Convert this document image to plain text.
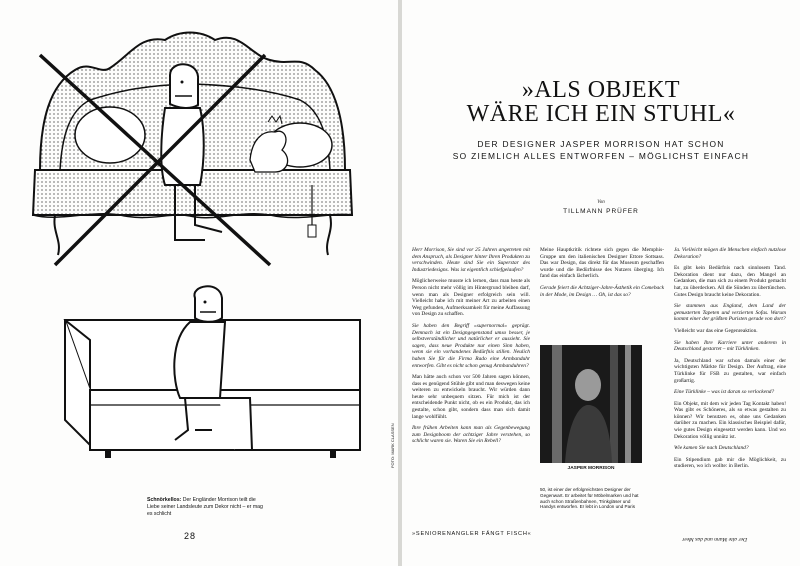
Schnörkellos: Der Engländer Morrison teilt die Liebe seiner Landsleute zum Dekor nicht – er mag es schlicht
28
FOTO: MARK CLASSEN
»ALS OBJEKT
WÄRE ICH EIN STUHL«
DER DESIGNER JASPER MORRISON HAT SCHON
SO ZIEMLICH ALLES ENTWORFEN – MÖGLICHST EINFACH
Von
TILLMANN PRÜFER

Herr Morrison, Sie sind vor 25 Jahren angetreten mit dem Anspruch, als Designer hinter Ihren Produkten zu verschwinden. Heute sind Sie ein Superstar des Industriedesigns. Was ist eigentlich schiefgelaufen?

Möglicherweise musste ich lernen, dass man heute als Person nicht mehr völlig im Hintergrund bleiben darf, wenn man als Designer erfolgreich sein will. Vielleicht habe ich mit meiner Art zu arbeiten einen Weg gefunden, Aufmerksamkeit für meine Auffassung von Design zu schaffen.

Sie haben den Begriff »supernormal« geprägt. Demnach ist ein Designgegenstand umso besser, je selbstverständlicher und natürlicher er aussieht. Sie sagen, dass neue Produkte nur einen Sinn haben, wenn sie ein vorhandenes Bedürfnis stillen. Neulich haben Sie für die Firma Rado eine Armbanduhr entworfen. Gibt es nicht schon genug Armbanduhren?

Man hätte auch schon vor 500 Jahren sagen können, dass es genügend Stühle gibt und man deswegen keine weiteren zu entwickeln braucht. Wir würden dann heute sehr unbequem sitzen. Für mich ist der entscheidende Punkt nicht, ob es ein Produkt, das ich gestalte, schon gibt, sondern dass man sich damit lange wohlfühlt.

Ihre frühen Arbeiten kann man als Gegenbewegung zum Designboom der achtziger Jahre verstehen, so schlicht waren sie. Waren Sie ein Rebell?

Meine Hauptkritik richtete sich gegen die Memphis-Gruppe um den italienischen Designer Ettore Sottsass. Das war Design, das direkt für das Museum geschaffen wurde und die Bedürfnisse des Nutzers überging. Ich fand das einfach lächerlich.

Gerade feiert die Achtziger-Jahre-Ästhetik ein Comeback in der Mode, im Design … Oh, ist das so?

JASPER MORRISON
50, ist einer der erfolgreichsten Designer der Gegenwart. Er arbeitet für Möbelmarken und hat auch schon Straßenbahnen, Trinkgläser und Handys entworfen. Er lebt in London und Paris

Ja. Vielleicht mögen die Menschen einfach nutzlose Dekoration?

Es gibt kein Bedürfnis nach sinnlosem Tand. Dekoration dient nur dazu, den Mangel an Gedanken, die man sich zu einem Produkt gemacht hat, zu überdecken. All die Sünden zu übertünchen. Gutes Design braucht keine Dekoration.

Sie stammen aus England, dem Land der gemusterten Tapeten und verzierten Sofas. Warum kommt einer der größten Puristen gerade von dort?

Vielleicht war das eine Gegenreaktion.

Sie haben Ihre Karriere unter anderem in Deutschland gestartet – mit Türklinken.

Ja, Deutschland war schon damals einer der wichtigsten Märkte für Design. Der Auftrag, eine Türklinke für FSB zu gestalten, war einfach großartig.

Eine Türklinke – was ist daran so verlockend?

Ein Objekt, mit dem wir jeden Tag Kontakt haben! Was gibt es Schöneres, als so etwas gestalten zu können? Wir benutzen es, ohne uns Gedanken darüber zu machen. Ein klassisches Beispiel dafür, wie gutes Design eingesetzt werden kann. Und wo Dekoration völlig unnütz ist.

Wie kamen Sie nach Deutschland?

Ein Stipendium gab mir die Möglichkeit, zu studieren, wo ich wollte: in Berlin.

»SENIORENANGLER FÄNGT FISCH«
Der alte Mann und das Meer
